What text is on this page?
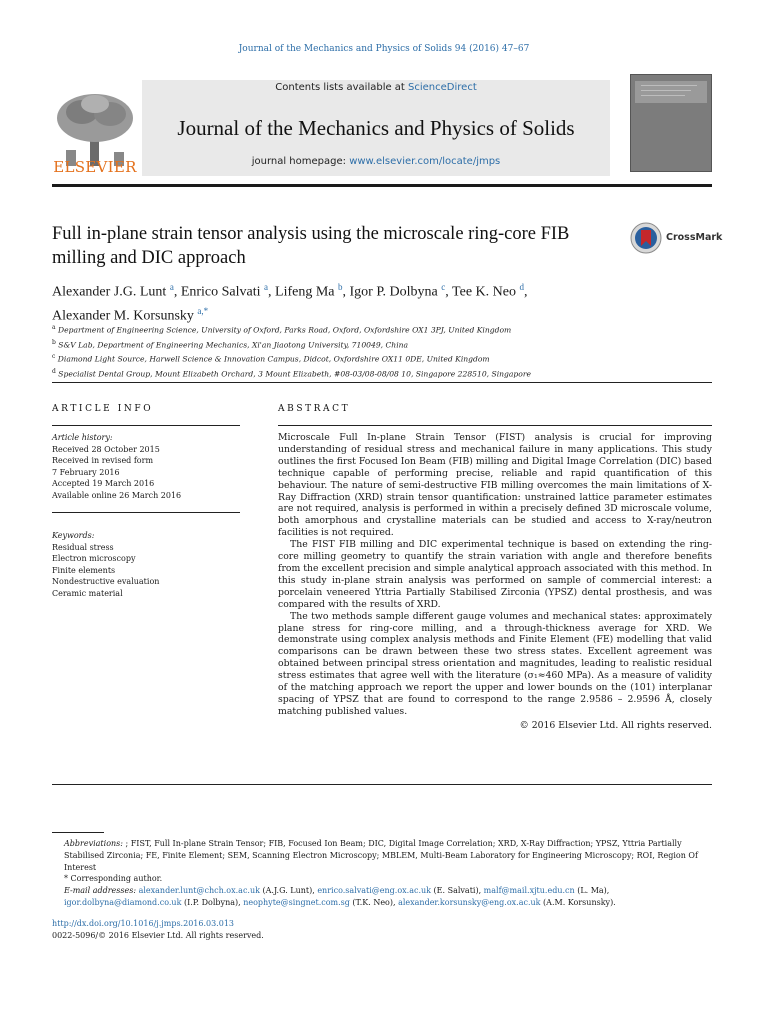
Journal of the Mechanics and Physics of Solids 94 (2016) 47–67
ELSEVIER
Contents lists available at ScienceDirect
Journal of the Mechanics and Physics of Solids
journal homepage: www.elsevier.com/locate/jmps
Full in-plane strain tensor analysis using the microscale ring-core FIB milling and DIC approach
CrossMark
Alexander J.G. Lunt $^a$, Enrico Salvati $^a$, Lifeng Ma $^b$, Igor P. Dolbyna $^c$, Tee K. Neo $^d$,
Alexander M. Korsunsky $^{a,*}$
$^a$ Department of Engineering Science, University of Oxford, Parks Road, Oxford, Oxfordshire OX1 3PJ, United Kingdom
$^b$ S&V Lab, Department of Engineering Mechanics, Xi'an Jiaotong University, 710049, China
$^c$ Diamond Light Source, Harwell Science & Innovation Campus, Didcot, Oxfordshire OX11 0DE, United Kingdom
$^d$ Specialist Dental Group, Mount Elizabeth Orchard, 3 Mount Elizabeth, #08-03/08-08/08 10, Singapore 228510, Singapore
ARTICLE INFO
Article history:
Received 28 October 2015
Received in revised form
7 February 2016
Accepted 19 March 2016
Available online 26 March 2016
Keywords:
Residual stress
Electron microscopy
Finite elements
Nondestructive evaluation
Ceramic material
ABSTRACT

Microscale Full In-plane Strain Tensor (FIST) analysis is crucial for improving understanding of residual stress and mechanical failure in many applications. This study outlines the first Focused Ion Beam (FIB) milling and Digital Image Correlation (DIC) based technique capable of performing precise, reliable and rapid quantification of this behaviour. The nature of semi-destructive FIB milling overcomes the main limitations of X-Ray Diffraction (XRD) strain tensor quantification: unstrained lattice parameter estimates are not required, analysis is performed in within a precisely defined 3D microscale volume, both amorphous and crystalline materials can be studied and access to X-ray/neutron facilities is not required.

The FIST FIB milling and DIC experimental technique is based on extending the ring-core milling geometry to quantify the strain variation with angle and therefore benefits from the excellent precision and simple analytical approach associated with this method. In this study in-plane strain analysis was performed on sample of commercial interest: a porcelain veneered Yttria Partially Stabilised Zirconia (YPSZ) dental prosthesis, and was compared with the results of XRD.

The two methods sample different gauge volumes and mechanical states: approximately plane stress for ring-core milling, and a through-thickness average for XRD. We demonstrate using complex analysis methods and Finite Element (FE) modelling that valid comparisons can be drawn between these two stress states. Excellent agreement was obtained between principal stress orientation and magnitudes, leading to realistic residual stress estimates that agree well with the literature (σ₁≈460 MPa). As a measure of validity of the matching approach we report the upper and lower bounds on the (101) interplanar spacing of YPSZ that are found to correspond to the range 2.9586 – 2.9596 Å, closely matching published values.

© 2016 Elsevier Ltd. All rights reserved.

Abbreviations: ; FIST, Full In-plane Strain Tensor; FIB, Focused Ion Beam; DIC, Digital Image Correlation; XRD, X-Ray Diffraction; YPSZ, Yttria Partially Stabilised Zirconia; FE, Finite Element; SEM, Scanning Electron Microscopy; MBLEM, Multi-Beam Laboratory for Engineering Microscopy; ROI, Region Of Interest

* Corresponding author.

E-mail addresses: alexander.lunt@chch.ox.ac.uk (A.J.G. Lunt), enrico.salvati@eng.ox.ac.uk (E. Salvati), malf@mail.xjtu.edu.cn (L. Ma), igor.dolbyna@diamond.co.uk (I.P. Dolbyna), neophyte@singnet.com.sg (T.K. Neo), alexander.korsunsky@eng.ox.ac.uk (A.M. Korsunsky).

http://dx.doi.org/10.1016/j.jmps.2016.03.013
0022-5096/© 2016 Elsevier Ltd. All rights reserved.
